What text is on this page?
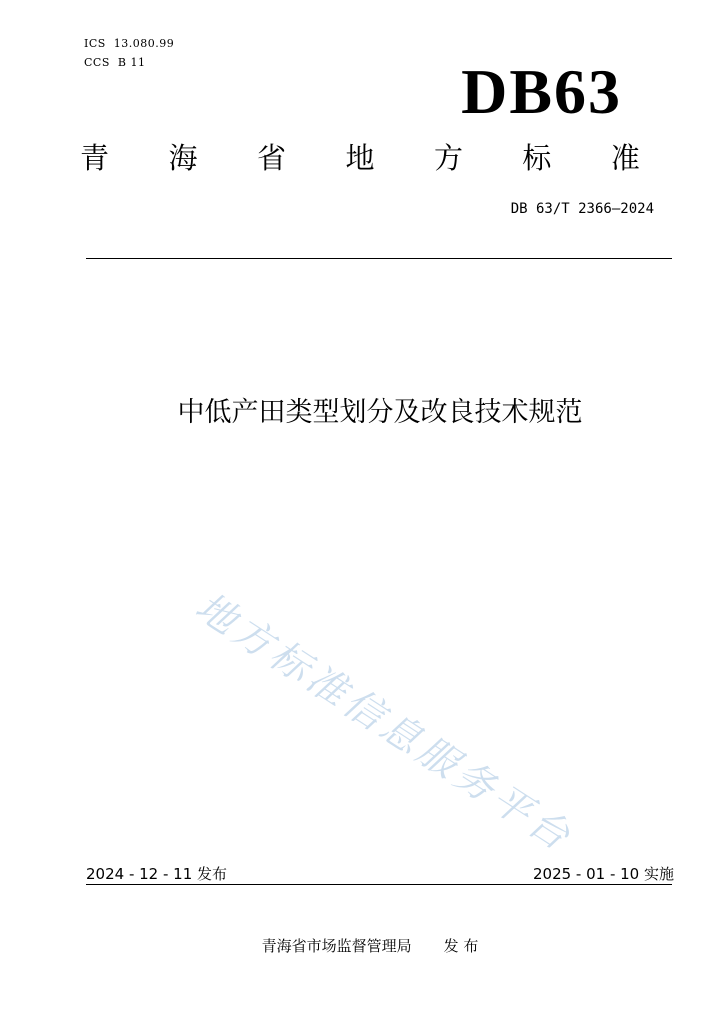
ICS  13.080.99
CCS  B 11	DB63
青 海 省 地 方 标 准
DB 63/T 2366—2024
中低产田类型划分及改良技术规范
地方标准信息服务平台
2024 - 12 - 11 发布	2025 - 01 - 10 实施
青海省市场监督管理局 发 布
